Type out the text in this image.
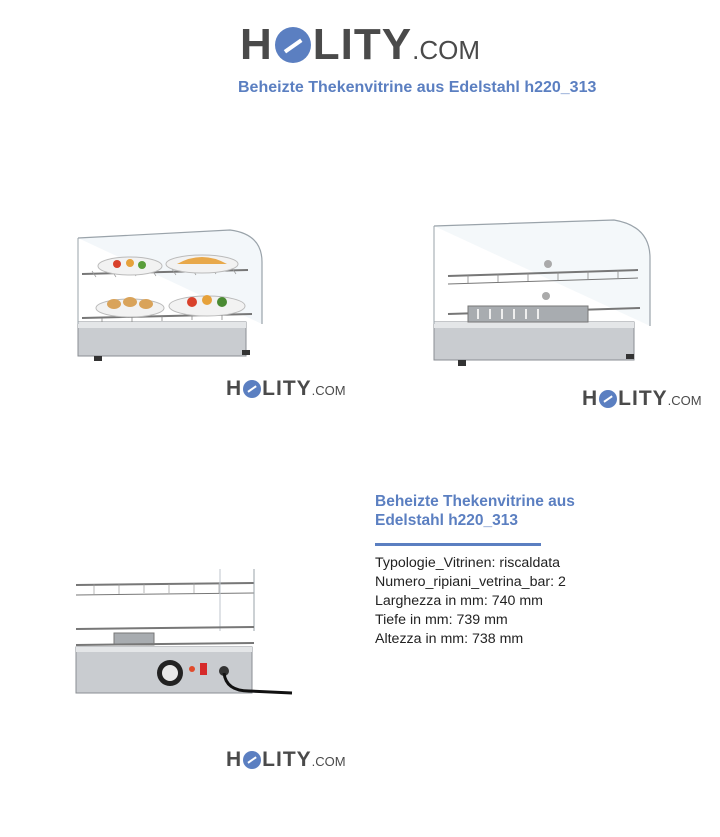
H LITY .COM
Beheizte Thekenvitrine aus Edelstahl h220_313
H LITY .COM	H LITY .COM
H LITY .COM
Beheizte Thekenvitrine aus Edelstahl h220_313
Typologie_Vitrinen: riscaldata
Numero_ripiani_vetrina_bar: 2
Larghezza in mm: 740 mm
Tiefe in mm: 739 mm
Altezza in mm: 738 mm
